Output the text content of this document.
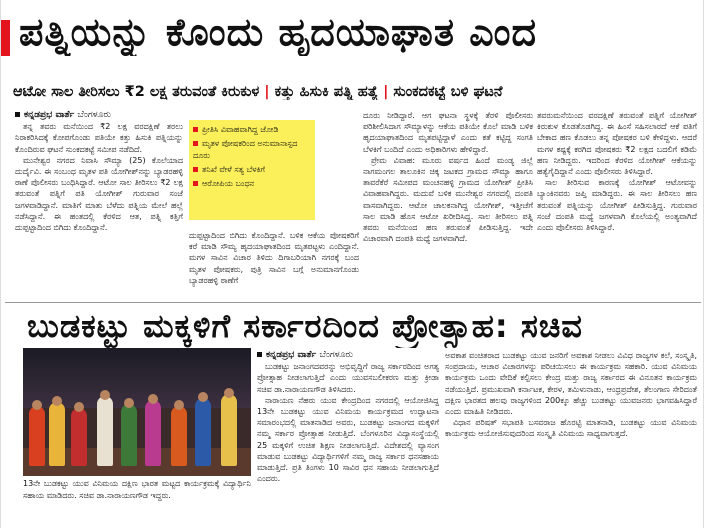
ಪತ್ನಿಯನ್ನು ಕೊಂದು ಹೃದಯಾಘಾತ ಎಂದ
ಆಟೋ ಸಾಲ ತೀರಿಸಲು ₹2 ಲಕ್ಷ ತರುವಂತೆ ಕಿರುಕುಳ | ಕತ್ತು ಹಿಸುಕಿ ಪತ್ನಿ ಹತ್ಯೆ | ಸುಂಕದಕಟ್ಟೆ ಬಳಿ ಘಟನೆ
ಕನ್ನಡಪ್ರಭ ವಾರ್ತೆ ಬೆಂಗಳೂರು

ತನ್ನ ತವರು ಮನೆಯಿಂದ ₹2 ಲಕ್ಷ ವರದಕ್ಷಿಣೆ ತರಲು ನಿರಾಕರಿಸಿದಕ್ಕೆ ಕೋಪಗೊಂಡು ಪತಿಯೇ ಕತ್ತು ಹಿಸುಕಿ ಪತ್ನಿಯನ್ನು ಕೊಂದಿರುವ ಘಟನೆ ಸುಂಕದಕಟ್ಟೆ ಸಮೀಪ ನಡೆದಿದೆ.

ಮುನೇಶ್ವರ ನಗರದ ನಿವಾಸಿ ಸೌಮ್ಯಾ (25) ಕೊಲೆಯಾದ ದುರ್ದೈವಿ. ಈ ಸಂಬಂಧ ಮೃತಳ ಪತಿ ಯೋಗೀಶ್‌ನನ್ನು ಬ್ಯಾಡರಹಳ್ಳಿ ಠಾಣೆ ಪೊಲೀಸರು ಬಂಧಿಸಿದ್ದಾರೆ. ಆಟೋ ಸಾಲ ತೀರಿಸಲು ₹2 ಲಕ್ಷ ತರುವಂತೆ ಪತ್ನಿಗೆ ಪತಿ ಯೋಗೀಶ್ ಗುರುವಾರ ಸಂಜೆ ಜಗಳವಾಡಿದ್ದಾನೆ. ಮಾತಿಗೆ ಮಾತು ಬೆಳೆದು ಪತ್ನಿಯ ಮೇಲೆ ಹಲ್ಲೆ ನಡೆಸಿದ್ದಾನೆ. ಈ ಹಂತದಲ್ಲಿ ಕೆರಳಿದ ಆತ, ಪತ್ನಿ ಕತ್ತಿಗೆ ದುಪ್ಪಟ್ಟಾದಿಂದ ಬಿಗಿದು ಕೊಂದಿದ್ದಾನೆ.

ಪ್ರೀತಿಸಿ ವಿವಾಹವಾಗಿದ್ದ ಜೋಡಿ
ಮೃತಳ ಪೋಷಕರಿಂದ ಅನುಮಾನಾಸ್ಪದ ದೂರು
ತನಿಖೆ ವೇಳೆ ಸತ್ಯ ಬೆಳಕಿಗೆ
ಆರೋಪಿಯ ಬಂಧನ

ದುಪ್ಪಟ್ಟಾದಿಂದ ಬಿಗಿದು ಕೊಂದಿದ್ದಾನೆ. ಬಳಿಕ ಆಕೆಯ ಪೋಷಕರಿಗೆ ಕರೆ ಮಾಡಿ ಸೌಮ್ಯ ಹೃದಯಾಘಾತದಿಂದ ಮೃತಪಟ್ಟಳು ಎಂದಿದ್ದಾನೆ. ಮಗಳ ಸಾವಿನ ವಿಚಾರ ತಿಳಿದು ದಿಗಾಬರಿಯಾಗಿ ನಗರಕ್ಕೆ ಬಂದ ಮೃತಳ ಪೋಷಕರು, ಪುತ್ರಿ ಸಾವಿನ ಬಗ್ಗೆ ಅನುಮಾನಗೊಂಡು ಬ್ಯಾಡರಹಳ್ಳಿ ಠಾಣೆಗೆ

ದೂರು ನೀಡಿದ್ದಾರೆ. ಆಗ ಘಟನಾ ಸ್ಥಳಕ್ಕೆ ತೆರಳಿ ಪೊಲೀಸರು ಪರಿಶೀಲಿಸಿದಾಗ ಸೌಮ್ಯಾಳನ್ನು ಆಕೆಯ ಪತಿಯೇ ಕೊಲೆ ಮಾಡಿ ಬಳಿಕ ಹೃದಯಾಘಾತದಿಂದ ಮೃತಪಟ್ಟಿದ್ದಾಳೆ ಎಂದು ಕತೆ ಕಟ್ಟಿದ್ದ ಸಂಗತಿ ಬೆಳಕಿಗೆ ಬಂದಿದೆ ಎಂದು ಅಧಿಕಾರಿಗಳು ಹೇಳಿದ್ದಾರೆ.

ಪ್ರೇಮ ವಿವಾಹ: ಮೂರು ವರ್ಷದ ಹಿಂದೆ ಮಂಡ್ಯ ಜಿಲ್ಲೆ ನಾಗಮಂಗಲ ತಾಲೂಕಿನ ಚಿಕ್ಕ ಜಟಕದ ಗ್ರಾಮದ ಸೌಮ್ಯಾ ಹಾಗೂ ತಾವರೆಕೆರೆ ಸಮೀಪದ ಮಂಚನಹಳ್ಳಿ ಗ್ರಾಮದ ಯೋಗೀಶ್ ಪ್ರೀತಿಸಿ ವಿವಾಹವಾಗಿದ್ದರು. ಮದುವೆ ಬಳಿಕ ಮುನೇಶ್ವರ ನಗರದಲ್ಲಿ ದಂಪತಿ ವಾಸವಾಗಿದ್ದರು. ಆಟೋ ಚಾಲಕನಾಗಿದ್ದ ಯೋಗೀಶ್, ಇತ್ತೀಚೆಗೆ ಸಾಲ ಮಾಡಿ ಹೊಸ ಆಟೋ ಖರೀದಿಸಿದ್ದ. ಸಾಲ ತೀರಿಸಲು ಪತ್ನಿ ತವರು ಮನೆಯಿಂದ ಹಣ ತರುವಂತೆ ಪೀಡಿಸುತ್ತಿದ್ದ. ಇದೇ ವಿಚಾರವಾಗಿ ದಂಪತಿ ಮಧ್ಯೆ ಜಗಳವಾಗಿದೆ.

ತವರುಮನೆಯಿಂದ ವರದಕ್ಷಿಣೆ ತರುವಂತೆ ಪತ್ನಿಗೆ ಯೋಗೀಶ್ ಕಿರುಕುಳ ಕೊಡತೊಡಗಿದ್ದ. ಈ ಹಿಂಸೆ ಸಹಿಸಲಾರದೆ ಆಕೆ ಪತಿಗೆ ಬೇಕಾದ ಹಣ ಕೊಡಲು ತನ್ನ ಪೋಷಕರ ಬಳಿ ಕೇಳಿದ್ದಳು. ಆದರೆ ಮಗಳ ಕಷ್ಟಕ್ಕೆ ಕರಗಿದ ಪೋಷಕರು ₹2 ಲಕ್ಷದ ಬದಲಿಗೆ ಕಡಿಮೆ ಹಣ ನೀಡಿದ್ದರು. ಇದರಿಂದ ಕೆರಳಿದ ಯೋಗೀಶ್ ಆಕೆಯನ್ನು ಹತ್ಯೆಗೈದಿದ್ದಾನೆ ಎಂದು ಪೊಲೀಸರು ತಿಳಿಸಿದ್ದಾರೆ.

ಸಾಲ ತೀರಿಸುವ ಕಾರಣಕ್ಕೆ ಯೋಗೀಶ್ ಆಟೋವನ್ನು ಬ್ಯಾಂಕಿನವರು ಜಪ್ತಿ ಮಾಡಿದ್ದರು. ಈ ಸಾಲ ತೀರಿಸಲು ಹಣ ತರುವಂತೆ ಪತ್ನಿಯನ್ನು ಯೋಗೀಶ್ ಪೀಡಿಸುತ್ತಿದ್ದ. ಗುರುವಾರ ಸಂಜೆ ದಂಪತಿ ಮಧ್ಯೆ ಜಗಳವಾಗಿ ಕೊಲೆಯಲ್ಲಿ ಅಂತ್ಯವಾಗಿದೆ ಎಂದು ಪೊಲೀಸರು ತಿಳಿಸಿದ್ದಾರೆ.

ಬುಡಕಟ್ಟು ಮಕ್ಕಳಿಗೆ ಸರ್ಕಾರದಿಂದ ಪ್ರೋತ್ಸಾಹ: ಸಚಿವ
13ನೇ ಬುಡಕಟ್ಟು ಯುವ ವಿನಿಮಯ ದಕ್ಷಿಣ ಭಾರತ ಮಟ್ಟದ ಕಾರ್ಯಕ್ರಮಕ್ಕೆ ವಿದ್ಯಾರ್ಥಿನಿ ಸಹಾಯ ಮಾಡಿದರು. ಸಚಿವ ಡಾ.ನಾರಾಯಣಗೌಡ ಇದ್ದರು.
ಕನ್ನಡಪ್ರಭ ವಾರ್ತೆ ಬೆಂಗಳೂರು

ಬುಡಕಟ್ಟು ಜನಾಂಗದವರನ್ನು ಅಭಿವೃದ್ಧಿಗೆ ರಾಜ್ಯ ಸರ್ಕಾರದಿಂದ ಅಗತ್ಯ ಪ್ರೋತ್ಸಾಹ ನೀಡಲಾಗುತ್ತಿದೆ ಎಂದು ಯುವಸಬಲೀಕರಣ ಮತ್ತು ಕ್ರೀಡಾ ಸಚಿವ ಡಾ.ನಾರಾಯಣಗೌಡ ತಿಳಿಸಿದರು.

ನಾರಾಯಣ ನೆಹರು ಯುವ ಕೇಂದ್ರದಿಂದ ನಗರದಲ್ಲಿ ಆಯೋಜಿಸಿದ್ದ 13ನೇ ಬುಡಕಟ್ಟು ಯುವ ವಿನಿಮಯ ಕಾರ್ಯಕ್ರಮದ ಉದ್ಘಾಟನಾ ಸಮಾರಂಭದಲ್ಲಿ ಮಾತನಾಡಿದ ಅವರು, ಬುಡಕಟ್ಟು ಜನಾಂಗದ ಮಕ್ಕಳಿಗೆ ನಮ್ಮ ಸರ್ಕಾರ ಪ್ರೋತ್ಸಾಹ ನೀಡುತ್ತಿದೆ. ಬೆಂಗಳೂರಿನ ವಿದ್ಯಾಸಂಸ್ಥೆಯಲ್ಲಿ 25 ಮಕ್ಕಳಿಗೆ ಉಚಿತ ಶಿಕ್ಷಣ ನೀಡಲಾಗುತ್ತಿದೆ. ವಿದೇಶದಲ್ಲಿ ವ್ಯಾಸಂಗ ಮಾಡುವ ಬುಡಕಟ್ಟು ವಿದ್ಯಾರ್ಥಿಗಳಿಗೆ ನಮ್ಮ ರಾಜ್ಯ ಸರ್ಕಾರ ಧನಸಹಾಯ ಮಾಡುತ್ತಿದೆ. ಪ್ರತಿ ತಿಂಗಳು 10 ಸಾವಿರ ಧನ ಸಹಾಯ ನೀಡಲಾಗುತ್ತಿದೆ ಎಂದರು.

ಅವಕಾಶ ವಂಚಿತರಾದ ಬುಡಕಟ್ಟು ಯುವ ಜನರಿಗೆ ಅವಕಾಶ ನೀಡಲು ವಿವಿಧ ರಾಜ್ಯಗಳ ಕಲೆ, ಸಂಸ್ಕೃತಿ, ಸಂಪ್ರದಾಯ, ಆಚಾರ ವಿಚಾರಗಳನ್ನು ಪರಿಚಯಿಸಲು ಈ ಕಾರ್ಯಕ್ರಮ ಸಹಕಾರಿ. ಯುವ ವಿನಿಮಯ ಕಾರ್ಯಕ್ರಮ ಒಂದು ವೇದಿಕೆ ಕಲ್ಪಿಸಲು ಕೇಂದ್ರ ಮತ್ತು ರಾಜ್ಯ ಸರ್ಕಾರದ ಈ ವಿನೂತನ ಕಾರ್ಯಕ್ರಮ ನಡೆಯುತ್ತಿದೆ. ಪ್ರಮುಖವಾಗಿ ಕರ್ನಾಟಕ, ಕೇರಳ, ತಮಿಳುನಾಡು, ಆಂಧ್ರಪ್ರದೇಶ, ತೆಲಂಗಾಣ ಸೇರಿದಂತೆ ದಕ್ಷಿಣ ಭಾರತದ ಹಲವು ರಾಜ್ಯಗಳಿಂದ 200ಕ್ಕೂ ಹೆಚ್ಚು ಬುಡಕಟ್ಟು ಯುವಜನರು ಭಾಗವಹಿಸಿದ್ದಾರೆ ಎಂದು ಮಾಹಿತಿ ನೀಡಿದರು.

ವಿಧಾನ ಪರಿಷತ್ ಸಭಾಪತಿ ಬಸವರಾಜ ಹೊರಟ್ಟಿ ಮಾತನಾಡಿ, ಬುಡಕಟ್ಟು ಯುವ ವಿನಿಮಯ ಕಾರ್ಯಕ್ರಮ ಆಯೋಜಿಸುವುದರಿಂದ ಸಂಸ್ಕೃತಿ ವಿನಿಮಯ ಸಾಧ್ಯವಾಗುತ್ತದೆ.
